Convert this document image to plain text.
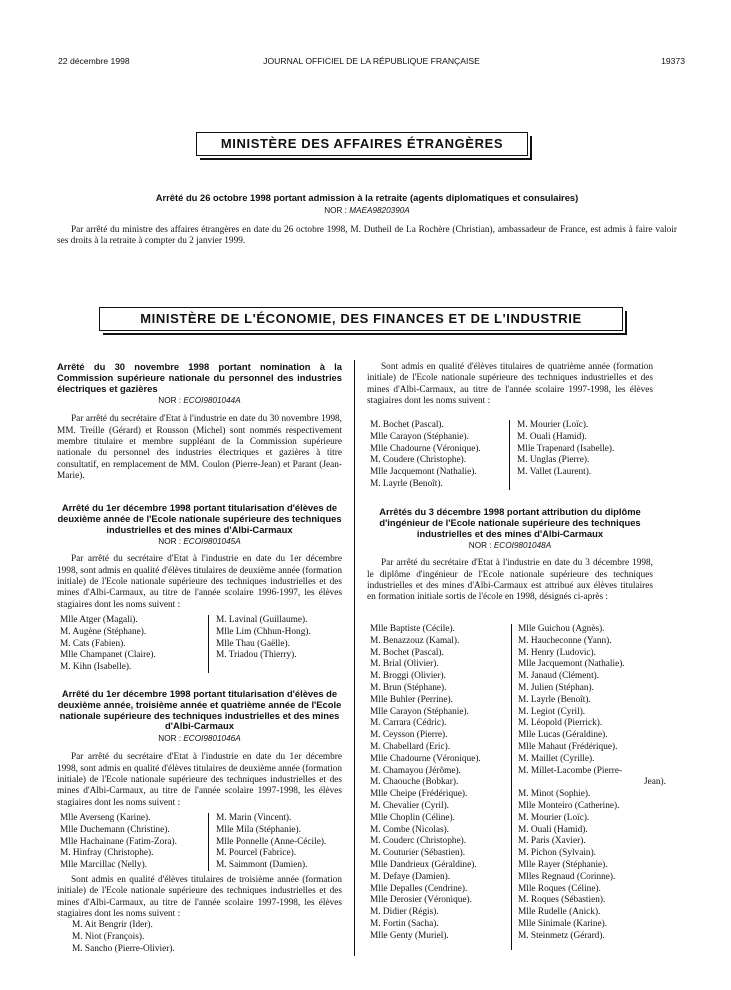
22 décembre 1998	JOURNAL OFFICIEL DE LA RÉPUBLIQUE FRANÇAISE	19373
MINISTÈRE DES AFFAIRES ÉTRANGÈRES
Arrêté du 26 octobre 1998 portant admission à la retraite (agents diplomatiques et consulaires)
NOR : MAEA9820390A
Par arrêté du ministre des affaires étrangères en date du 26 octobre 1998, M. Dutheil de La Rochère (Christian), ambassadeur de France, est admis à faire valoir ses droits à la retraite à compter du 2 janvier 1999.
MINISTÈRE DE L'ÉCONOMIE, DES FINANCES ET DE L'INDUSTRIE
Arrêté du 30 novembre 1998 portant nomination à la Commission supérieure nationale du personnel des industries électriques et gazières
NOR : ECOI9801044A
Par arrêté du secrétaire d'Etat à l'industrie en date du 30 novembre 1998, MM. Treille (Gérard) et Rousson (Michel) sont nommés respectivement membre titulaire et membre suppléant de la Commission supérieure nationale du personnel des industries électriques et gazières à titre consultatif, en remplacement de MM. Coulon (Pierre-Jean) et Parant (Jean-Marie).
Arrêté du 1er décembre 1998 portant titularisation d'élèves de deuxième année de l'Ecole nationale supérieure des techniques industrielles et des mines d'Albi-Carmaux
NOR : ECOI9801045A
Par arrêté du secrétaire d'Etat à l'industrie en date du 1er décembre 1998, sont admis en qualité d'élèves titulaires de deuxième année (formation initiale) de l'Ecole nationale supérieure des techniques industrielles et des mines d'Albi-Carmaux, au titre de l'année scolaire 1996-1997, les élèves stagiaires dont les noms suivent :
Mlle Atger (Magali).
M. Augène (Stéphane).
M. Cats (Fabien).
Mlle Champanet (Claire).
M. Kihn (Isabelle).
M. Lavinal (Guillaume).
Mlle Lim (Chhun-Hong).
Mlle Thau (Gaëlle).
M. Triadou (Thierry).
Arrêté du 1er décembre 1998 portant titularisation d'élèves de deuxième année, troisième année et quatrième année de l'Ecole nationale supérieure des techniques industrielles et des mines d'Albi-Carmaux
NOR : ECOI9801046A
Par arrêté du secrétaire d'Etat à l'industrie en date du 1er décembre 1998, sont admis en qualité d'élèves titulaires de deuxième année (formation initiale) de l'Ecole nationale supérieure des techniques industrielles et des mines d'Albi-Carmaux, au titre de l'année scolaire 1997-1998, les élèves stagiaires dont les noms suivent :
Mlle Averseng (Karine).
Mlle Duchemann (Christine).
Mlle Hachainane (Fatim-Zora).
M. Hinfray (Christophe).
Mlle Marcillac (Nelly).
M. Marin (Vincent).
Mlle Mila (Stéphanie).
Mlle Ponnelle (Anne-Cécile).
M. Pourcel (Fabrice).
M. Saimmont (Damien).
Sont admis en qualité d'élèves titulaires de troisième année (formation initiale) de l'Ecole nationale supérieure des techniques industrielles et des mines d'Albi-Carmaux, au titre de l'année scolaire 1997-1998, les élèves stagiaires dont les noms suivent :
M. Ait Bengrir (Ider).
M. Niot (François).
M. Sancho (Pierre-Olivier).
Sont admis en qualité d'élèves titulaires de quatrième année (formation initiale) de l'Ecole nationale supérieure des techniques industrielles et des mines d'Albi-Carmaux, au titre de l'année scolaire 1997-1998, les élèves stagiaires dont les noms suivent :
M. Bochet (Pascal).
Mlle Carayon (Stéphanie).
Mlle Chadourne (Véronique).
M. Coudere (Christophe).
Mlle Jacquemont (Nathalie).
M. Layrle (Benoît).
M. Mourier (Loïc).
M. Ouali (Hamid).
Mlle Trapenard (Isabelle).
M. Unglas (Pierre).
M. Vallet (Laurent).
Arrêtés du 3 décembre 1998 portant attribution du diplôme d'ingénieur de l'Ecole nationale supérieure des techniques industrielles et des mines d'Albi-Carmaux
NOR : ECOI9801048A
Par arrêté du secrétaire d'Etat à l'industrie en date du 3 décembre 1998, le diplôme d'ingénieur de l'Ecole nationale supérieure des techniques industrielles et des mines d'Albi-Carmaux est attribué aux élèves titulaires en formation initiale sortis de l'école en 1998, désignés ci-après :
Mlle Baptiste (Cécile).
M. Benazzouz (Kamal).
M. Bochet (Pascal).
M. Brial (Olivier).
M. Broggi (Olivier).
M. Brun (Stéphane).
Mlle Buhler (Perrine).
Mlle Carayon (Stéphanie).
M. Carrara (Cédric).
M. Ceysson (Pierre).
M. Chabellard (Eric).
Mlle Chadourne (Véronique).
M. Chamayou (Jérôme).
M. Chaouche (Bobkar).
Mlle Cheipe (Frédérique).
M. Chevalier (Cyril).
Mlle Choplin (Céline).
M. Combe (Nicolas).
M. Couderc (Christophe).
M. Couturier (Sébastien).
Mlle Dandrieux (Géraldine).
M. Defaye (Damien).
Mlle Depalles (Cendrine).
Mlle Derosier (Véronique).
M. Didier (Régis).
M. Fortin (Sacha).
Mlle Genty (Muriel).
Mlle Guichou (Agnès).
M. Haucheconne (Yann).
M. Henry (Ludovic).
Mlle Jacquemont (Nathalie).
M. Janaud (Clément).
M. Julien (Stéphan).
M. Layrle (Benoît).
M. Legiot (Cyril).
M. Léopold (Pierrick).
Mlle Lucas (Géraldine).
Mlle Mahaut (Frédérique).
M. Maillet (Cyrille).
M. Millet-Lacombe (Pierre-
Jean).
M. Minot (Sophie).
Mlle Monteiro (Catherine).
M. Mourier (Loïc).
M. Ouali (Hamid).
M. Paris (Xavier).
M. Pichon (Sylvain).
Mlle Rayer (Stéphanie).
Mlles Regnaud (Corinne).
Mlle Roques (Céline).
M. Roques (Sébastien).
Mlle Rudelle (Anick).
Mlle Sinimale (Karine).
M. Steinmetz (Gérard).
